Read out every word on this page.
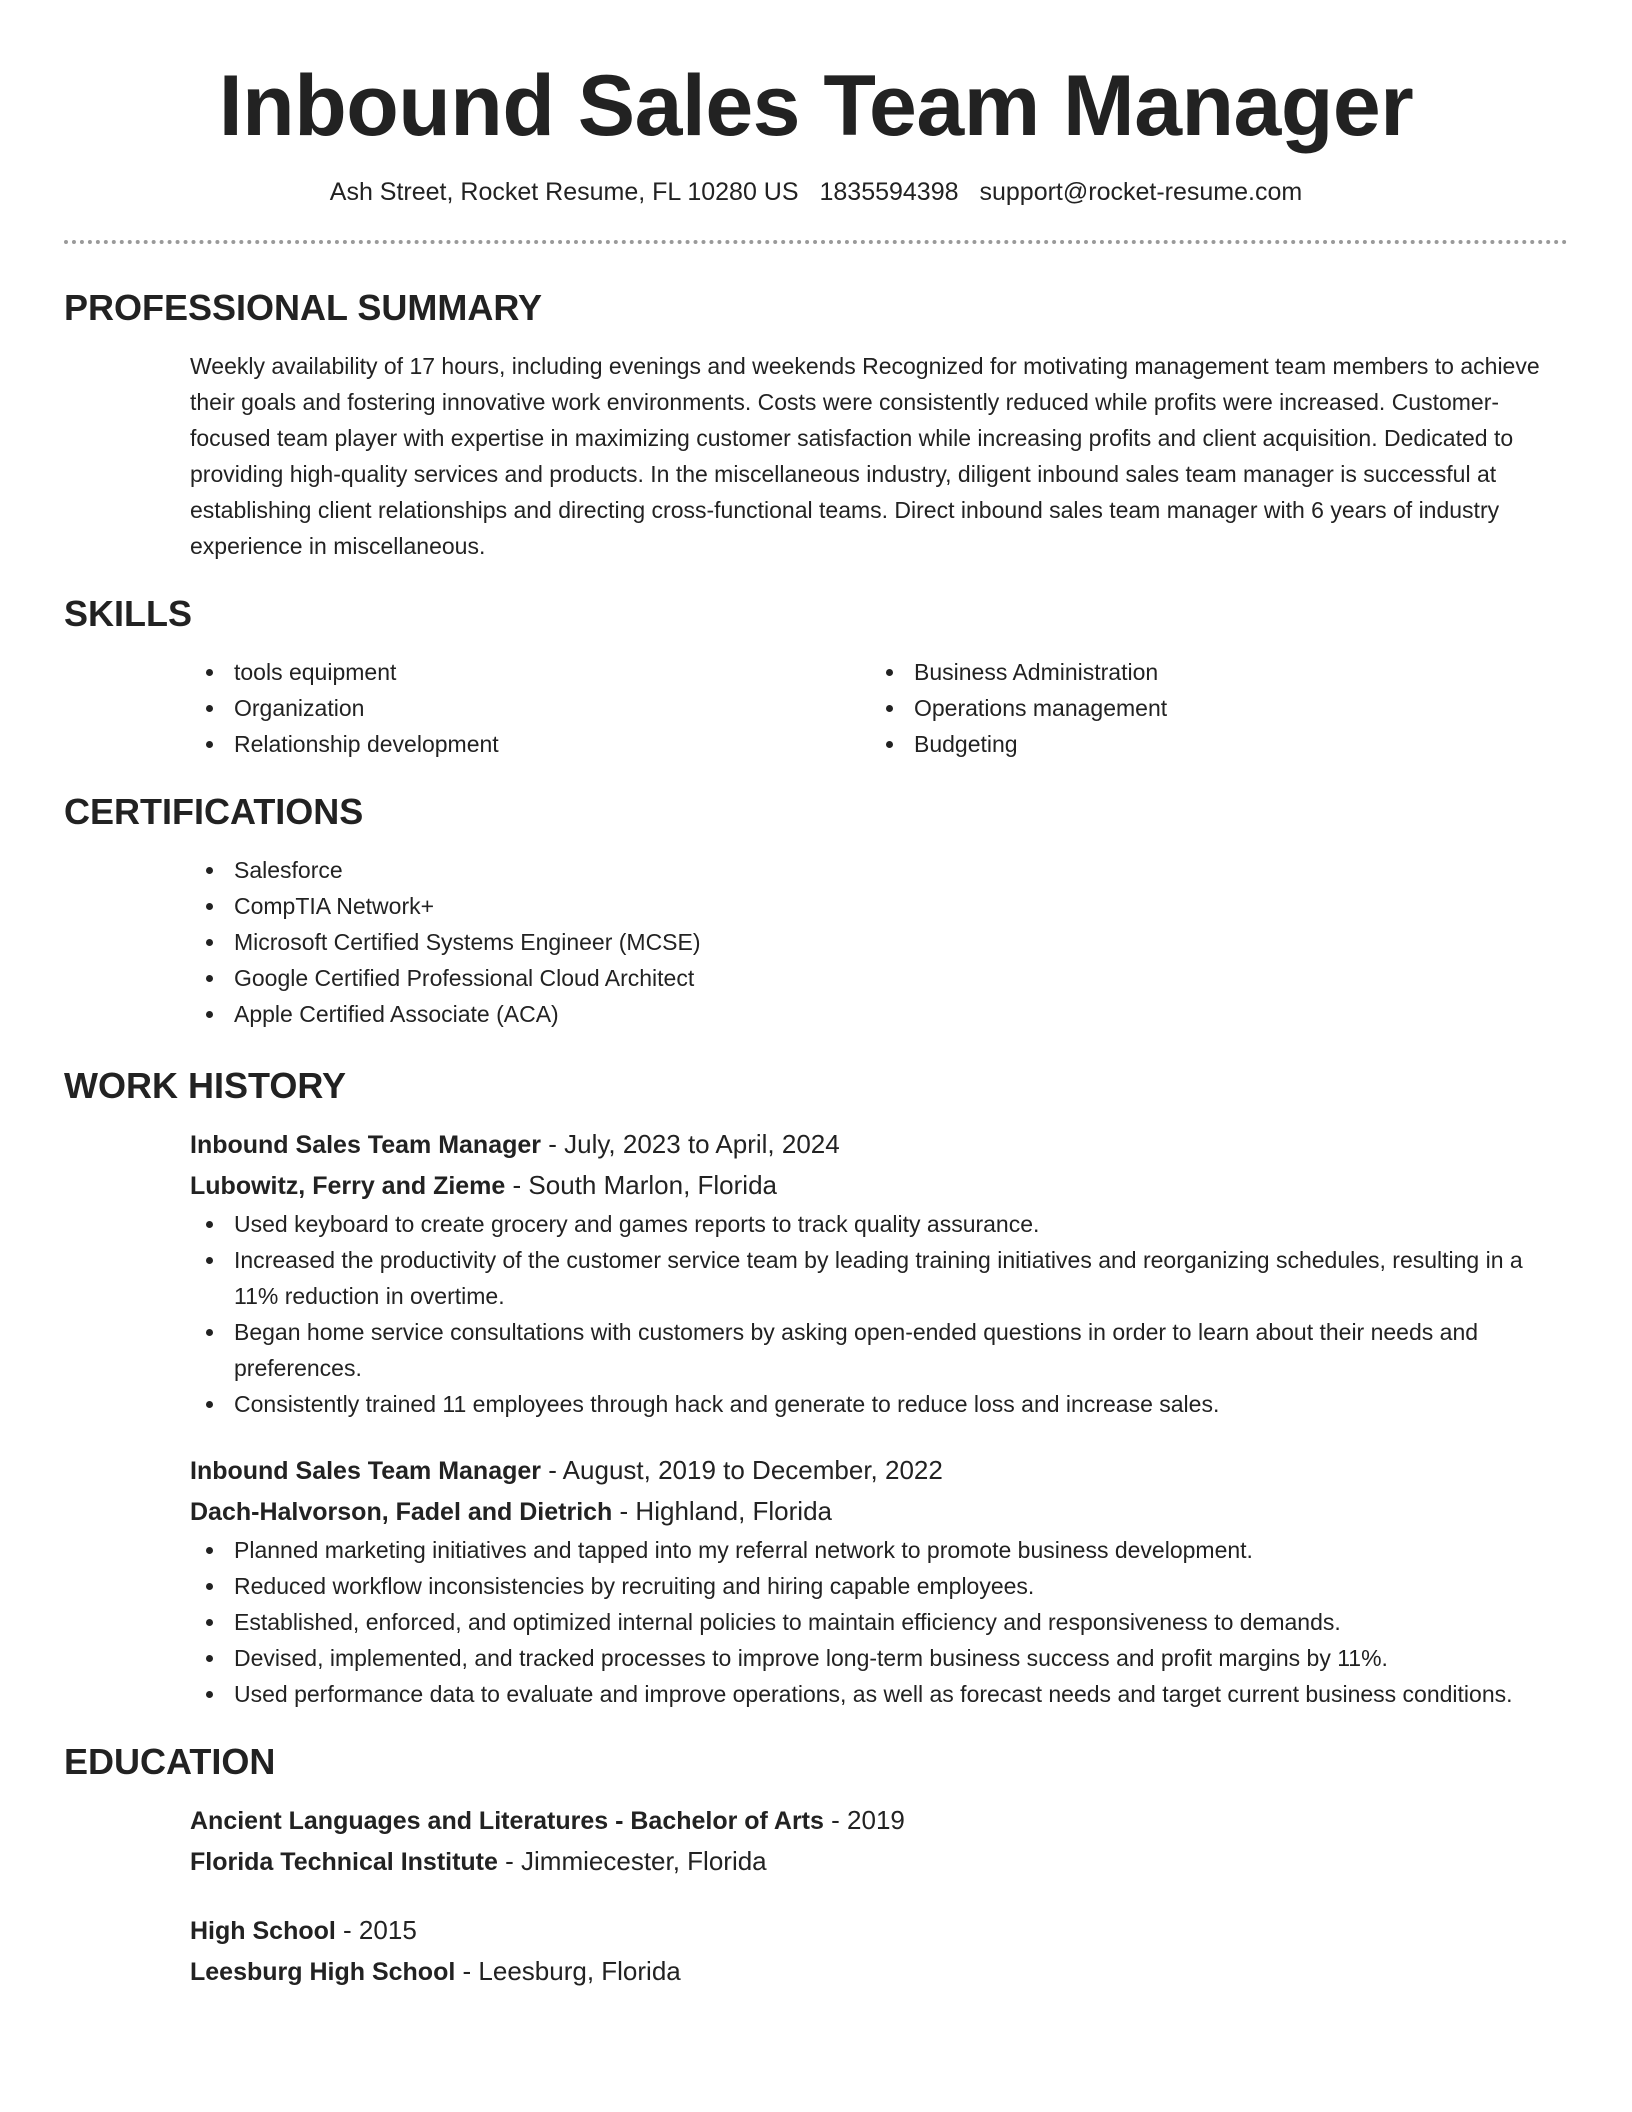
Inbound Sales Team Manager
Ash Street, Rocket Resume, FL 10280 US 1835594398 support@rocket-resume.com
PROFESSIONAL SUMMARY

Weekly availability of 17 hours, including evenings and weekends Recognized for motivating management team members to achieve their goals and fostering innovative work environments. Costs were consistently reduced while profits were increased. Customer-focused team player with expertise in maximizing customer satisfaction while increasing profits and client acquisition. Dedicated to providing high-quality services and products. In the miscellaneous industry, diligent inbound sales team manager is successful at establishing client relationships and directing cross-functional teams. Direct inbound sales team manager with 6 years of industry experience in miscellaneous.

SKILLS
tools equipment
Organization
Relationship development
Business Administration
Operations management
Budgeting
CERTIFICATIONS
Salesforce
CompTIA Network+
Microsoft Certified Systems Engineer (MCSE)
Google Certified Professional Cloud Architect
Apple Certified Associate (ACA)
WORK HISTORY

Inbound Sales Team Manager - July, 2023 to April, 2024

Lubowitz, Ferry and Zieme - South Marlon, Florida

Used keyboard to create grocery and games reports to track quality assurance.
Increased the productivity of the customer service team by leading training initiatives and reorganizing schedules, resulting in a 11% reduction in overtime.
Began home service consultations with customers by asking open-ended questions in order to learn about their needs and preferences.
Consistently trained 11 employees through hack and generate to reduce loss and increase sales.

Inbound Sales Team Manager - August, 2019 to December, 2022

Dach-Halvorson, Fadel and Dietrich - Highland, Florida

Planned marketing initiatives and tapped into my referral network to promote business development.
Reduced workflow inconsistencies by recruiting and hiring capable employees.
Established, enforced, and optimized internal policies to maintain efficiency and responsiveness to demands.
Devised, implemented, and tracked processes to improve long-term business success and profit margins by 11%.
Used performance data to evaluate and improve operations, as well as forecast needs and target current business conditions.
EDUCATION

Ancient Languages and Literatures - Bachelor of Arts - 2019

Florida Technical Institute - Jimmiecester, Florida

High School - 2015

Leesburg High School - Leesburg, Florida
